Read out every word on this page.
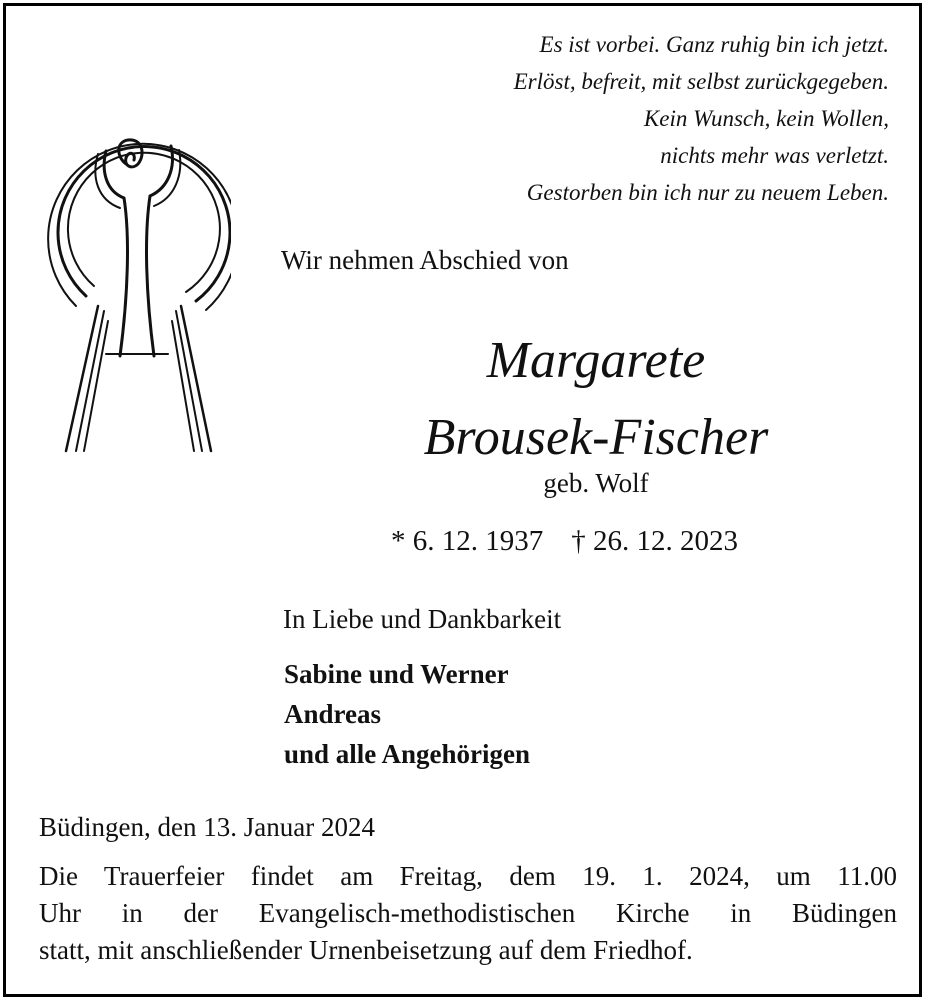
Es ist vorbei. Ganz ruhig bin ich jetzt.
Erlöst, befreit, mit selbst zurückgegeben.
Kein Wunsch, kein Wollen,
nichts mehr was verletzt.
Gestorben bin ich nur zu neuem Leben.
Wir nehmen Abschied von
Margarete
Brousek-Fischer
geb. Wolf
* 6. 12. 1937 † 26. 12. 2023
In Liebe und Dankbarkeit
Sabine und Werner
Andreas
und alle Angehörigen
Büdingen, den 13. Januar 2024
Die Trauerfeier findet am Freitag, dem 19. 1. 2024, um 11.00
Uhr in der Evangelisch-methodistischen Kirche in Büdingen
statt, mit anschließender Urnenbeisetzung auf dem Friedhof.
